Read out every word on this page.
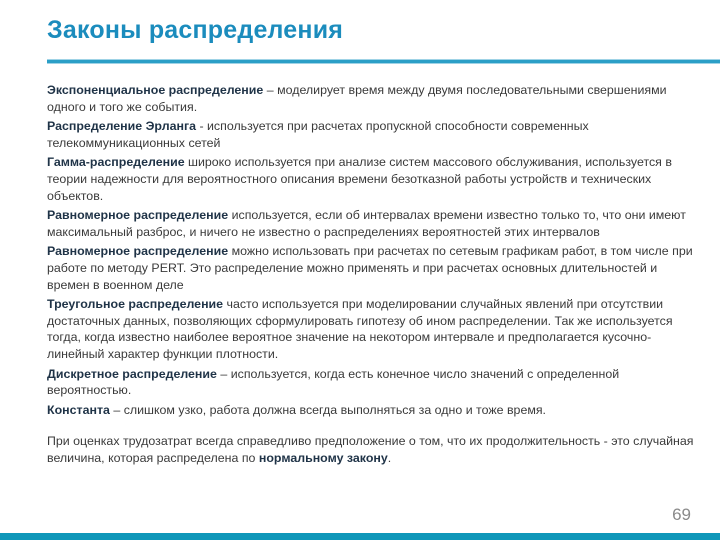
Законы распределения

Экспоненциальное распределение – моделирует время между двумя последовательными свершениями одного и того же события.

Распределение Эрланга - используется при расчетах пропускной способности современных телекоммуникационных сетей

Гамма-распределение широко используется при анализе систем массового обслуживания, используется в теории надежности для вероятностного описания времени безотказной работы устройств и технических объектов.

Равномерное распределение используется, если об интервалах времени известно только то, что они имеют максимальный разброс, и ничего не известно о распределениях вероятностей этих интервалов

Равномерное распределение можно использовать при расчетах по сетевым графикам работ, в том числе при работе по методу PERT. Это распределение можно применять и при расчетах основных длительностей и времен в военном деле

Треугольное распределение часто используется при моделировании случайных явлений при отсутствии достаточных данных, позволяющих сформулировать гипотезу об ином распределении. Так же используется тогда, когда известно наиболее вероятное значение на некотором интервале и предполагается кусочно-линейный характер функции плотности.

Дискретное распределение – используется, когда есть конечное число значений с определенной вероятностью.

Константа – слишком узко, работа должна всегда выполняться за одно и тоже время.

При оценках трудозатрат всегда справедливо предположение о том, что их продолжительность - это случайная величина, которая распределена по нормальному закону.

69
